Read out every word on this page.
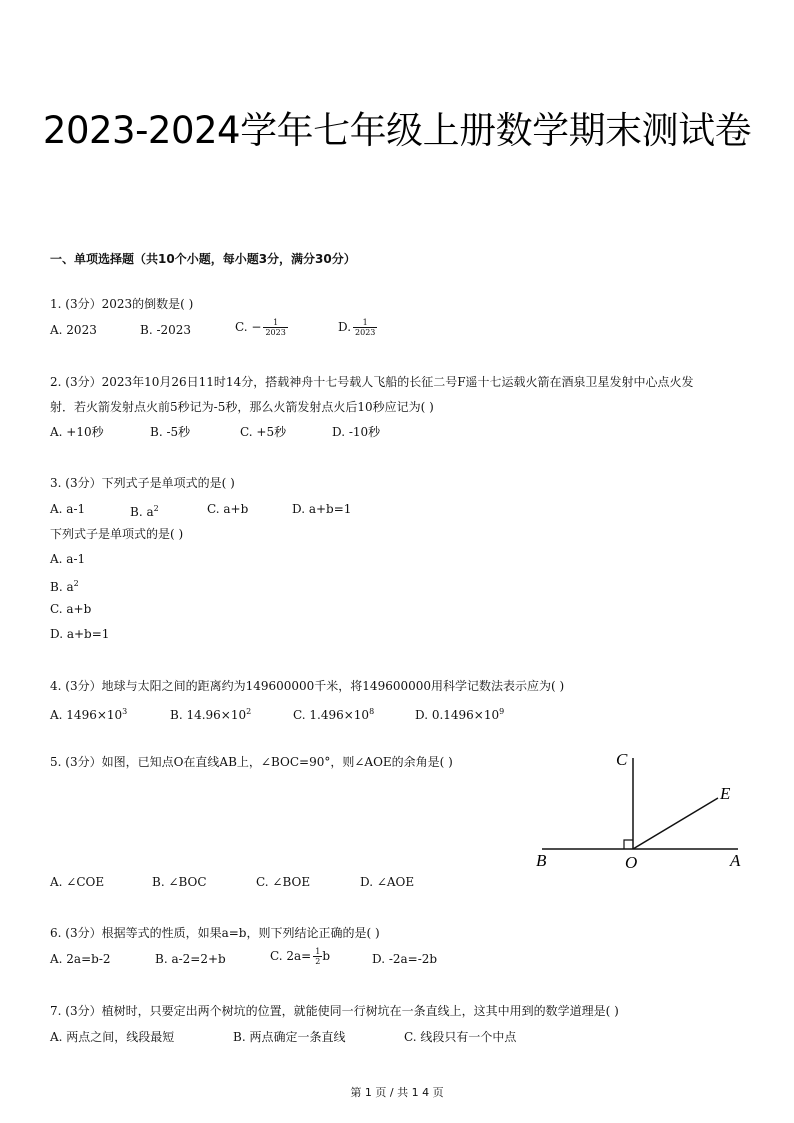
2023-2024学年七年级上册数学期末测试卷
一、单项选择题（共10个小题，每小题3分，满分30分）
1. (3分）2023的倒数是( )
A. 2023	B. -2023	C. − $\frac{1}{2023}$	D. $\frac{1}{2023}$
2. (3分）2023年10月26日11时14分，搭载神舟十七号载人飞船的长征二号F遥十七运载火箭在酒泉卫星发射中心点火发
射．若火箭发射点火前5秒记为-5秒，那么火箭发射点火后10秒应记为( )
A. +10秒	B. -5秒	C. +5秒	D. -10秒
3. (3分）下列式子是单项式的是( )
A. a-1	B. $a^2$	C. a+b	D. a+b=1
下列式子是单项式的是( )
A. a-1
B. $a^2$
C. a+b
D. a+b=1
4. (3分）地球与太阳之间的距离约为149600000千米，将149600000用科学记数法表示应为( )
A. $1496\times 10^3$	B. $14.96\times 10^2$	C. $1.496\times 10^8$	D. $0.1496\times 10^9$
5. (3分）如图，已知点O在直线AB上，∠BOC=90°，则∠AOE的余角是( )	C
E
B	O	A
A. ∠COE	B. ∠BOC	C. ∠BOE	D. ∠AOE
6. (3分）根据等式的性质，如果a=b，则下列结论正确的是( )
A. 2a=b-2	B. a-2=2+b	C. $2a= \frac{1}{2}$ b	D. -2a=-2b
7. (3分）植树时，只要定出两个树坑的位置，就能使同一行树坑在一条直线上，这其中用到的数学道理是( )
A. 两点之间，线段最短	B. 两点确定一条直线	C. 线段只有一个中点
第 1 页 / 共 1 4 页
